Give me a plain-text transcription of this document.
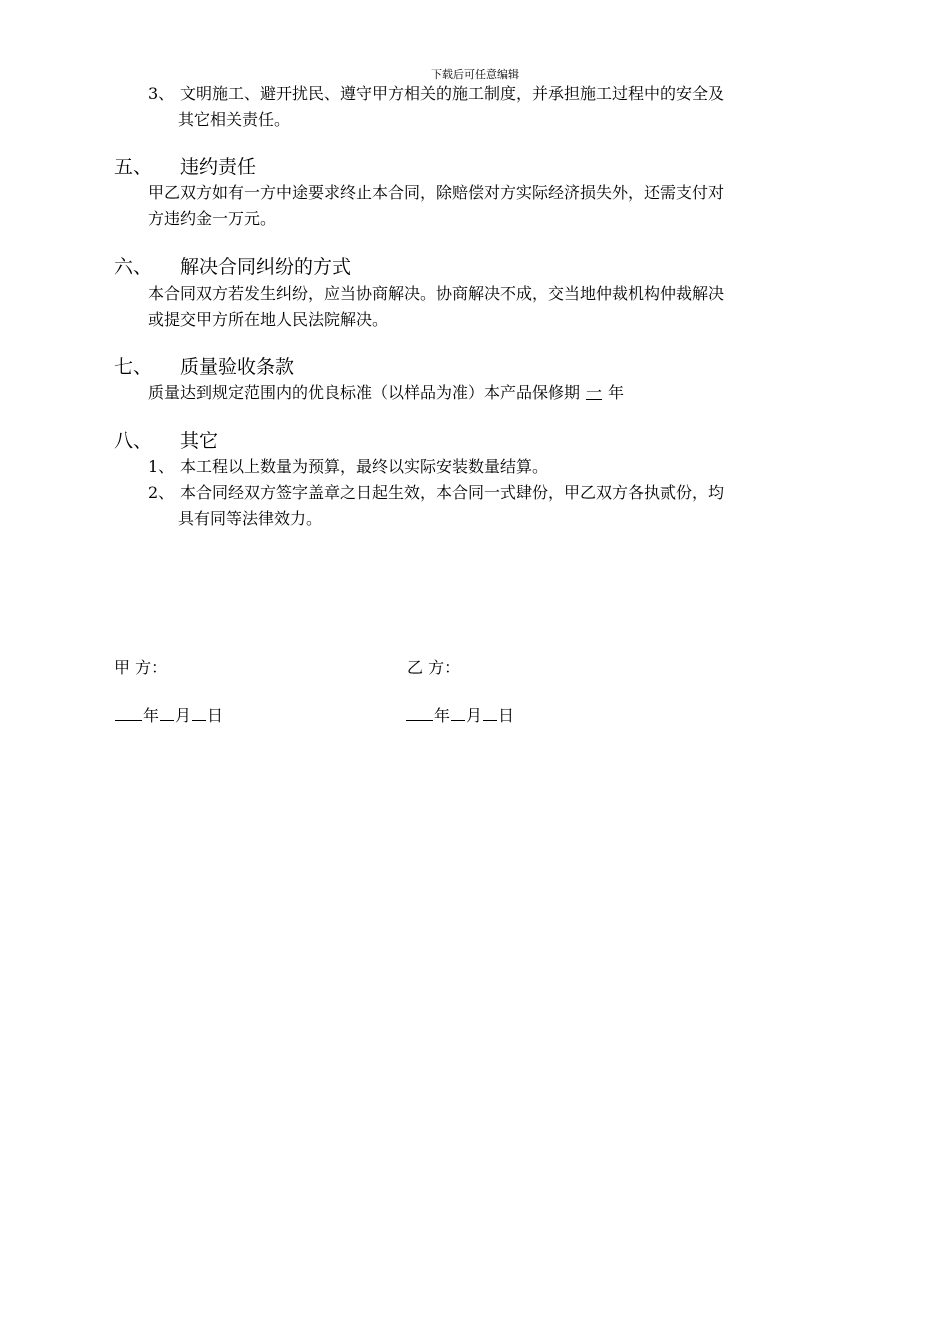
下载后可任意编辑
3、 文明施工、避开扰民、遵守甲方相关的施工制度，并承担施工过程中的安全及
其它相关责任。
五、 违约责任
甲乙双方如有一方中途要求终止本合同，除赔偿对方实际经济损失外，还需支付对
方违约金一万元。
六、 解决合同纠纷的方式
本合同双方若发生纠纷，应当协商解决。协商解决不成，交当地仲裁机构仲裁解决
或提交甲方所在地人民法院解决。
七、 质量验收条款
质量达到规定范围内的优良标准（以样品为准）本产品保修期 一 年
八、 其它
1、 本工程以上数量为预算，最终以实际安装数量结算。
2、 本合同经双方签字盖章之日起生效，本合同一式肆份，甲乙双方各执贰份，均
具有同等法律效力。
甲 方：	乙 方：
年 月 日	年 月 日
